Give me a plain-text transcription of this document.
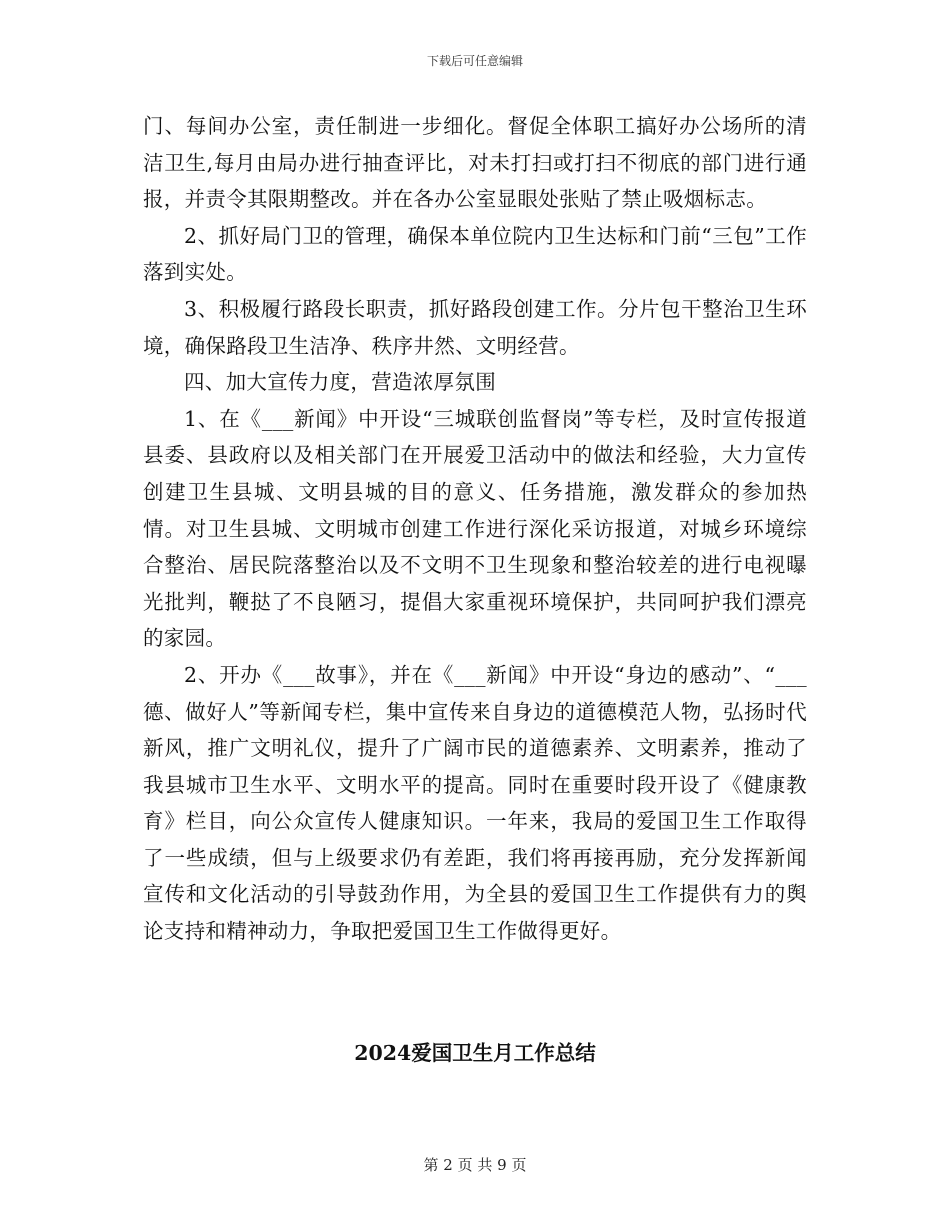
下载后可任意编辑

门、每间办公室，责任制进一步细化。督促全体职工搞好办公场所的清洁卫生,每月由局办进行抽查评比，对未打扫或打扫不彻底的部门进行通报，并责令其限期整改。并在各办公室显眼处张贴了禁止吸烟标志。

2、抓好局门卫的管理，确保本单位院内卫生达标和门前“三包”工作落到实处。

3、积极履行路段长职责，抓好路段创建工作。分片包干整治卫生环境，确保路段卫生洁净、秩序井然、文明经营。

四、加大宣传力度，营造浓厚氛围

1、在《___新闻》中开设“三城联创监督岗”等专栏，及时宣传报道县委、县政府以及相关部门在开展爱卫活动中的做法和经验，大力宣传创建卫生县城、文明县城的目的意义、任务措施，激发群众的参加热情。对卫生县城、文明城市创建工作进行深化采访报道，对城乡环境综合整治、居民院落整治以及不文明不卫生现象和整治较差的进行电视曝光批判，鞭挞了不良陋习，提倡大家重视环境保护，共同呵护我们漂亮的家园。

2、开办《___故事》，并在《___新闻》中开设“身边的感动”、“___德、做好人”等新闻专栏，集中宣传来自身边的道德模范人物，弘扬时代新风，推广文明礼仪，提升了广阔市民的道德素养、文明素养，推动了我县城市卫生水平、文明水平的提高。同时在重要时段开设了《健康教育》栏目，向公众宣传人健康知识。一年来，我局的爱国卫生工作取得了一些成绩，但与上级要求仍有差距，我们将再接再励，充分发挥新闻宣传和文化活动的引导鼓劲作用，为全县的爱国卫生工作提供有力的舆论支持和精神动力，争取把爱国卫生工作做得更好。

2024爱国卫生月工作总结
第 2 页 共 9 页
